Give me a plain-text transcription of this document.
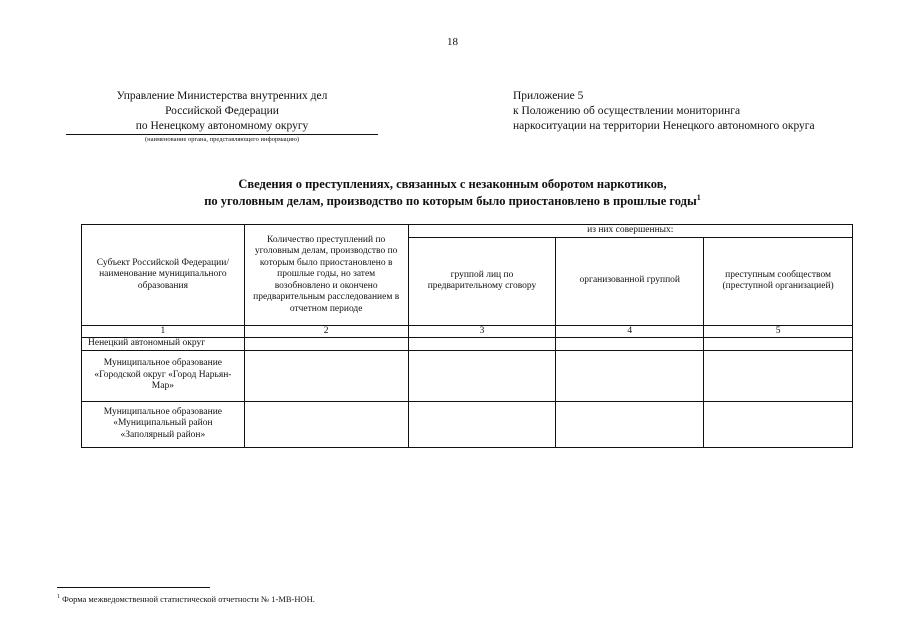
18
Управление Министерства внутренних дел
Российской Федерации
по Ненецкому автономному округу
(наименование органа, представляющего информацию)
Приложение 5
к Положению об осуществлении мониторинга
наркоситуации на территории Ненецкого автономного округа
Сведения о преступлениях, связанных с незаконным оборотом наркотиков,
по уголовным делам, производство по которым было приостановлено в прошлые годы$^1$
Субъект Российской Федерации/ наименование муниципального образования	Количество преступлений по уголовным делам, производство по которым было приостановлено в прошлые годы, но затем возобновлено и окончено предварительным расследованием в отчетном периоде	из них совершенных:		
		группой лиц по предварительному сговору	организованной группой	преступным сообществом (преступной организацией)
1	2	3	4	5
Ненецкий автономный округ				
Муниципальное образование «Городской округ «Город Нарьян-Мар»				
Муниципальное образование «Муниципальный район «Заполярный район»				
$^1$ Форма межведомственной статистической отчетности № 1-МВ-НОН.
